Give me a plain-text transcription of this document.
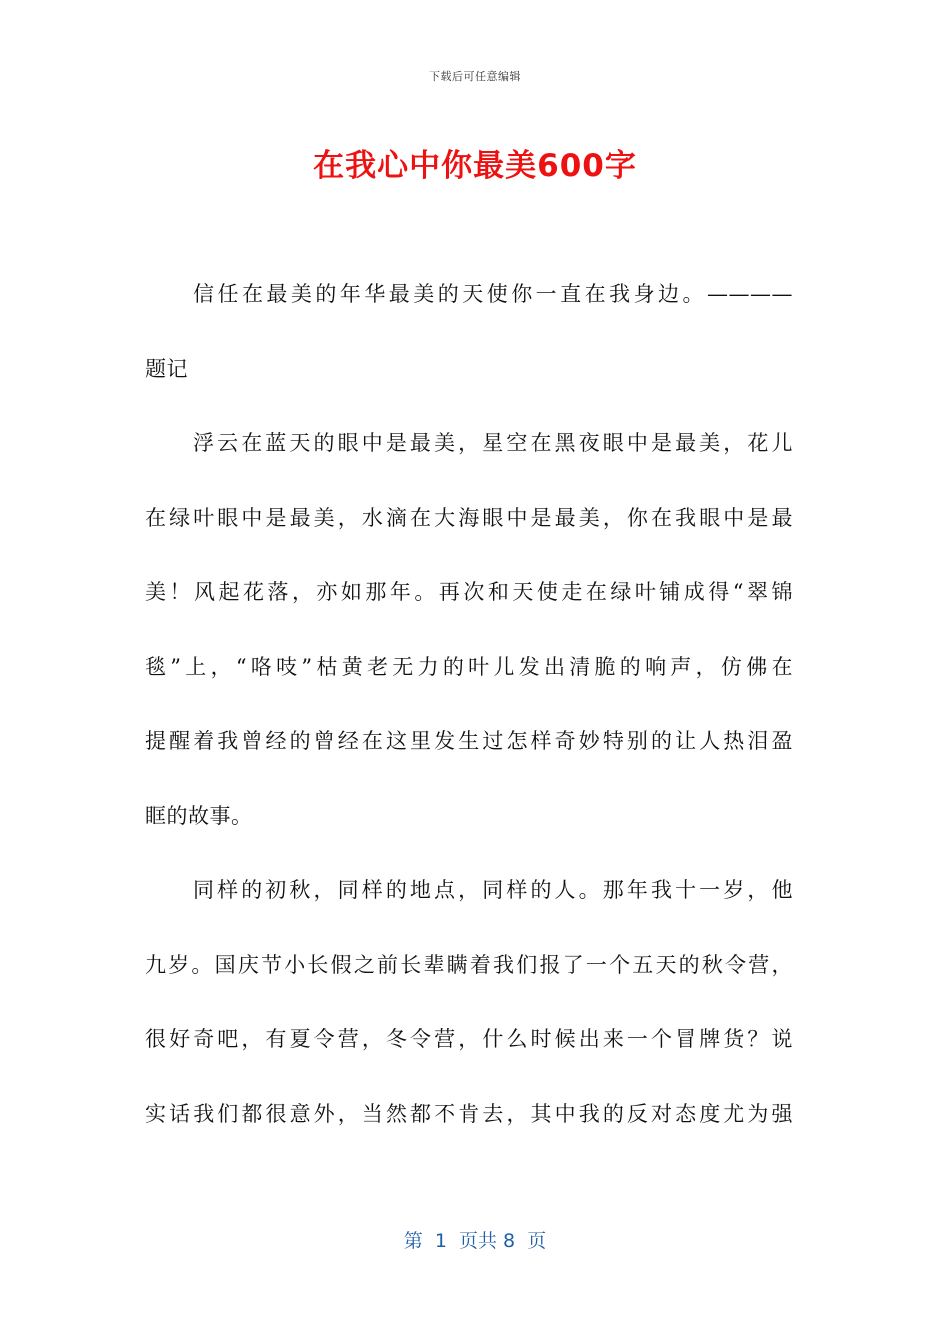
下载后可任意编辑
在我心中你最美600字
信任在最美的年华最美的天使你一直在我身边。————
题记
浮云在蓝天的眼中是最美，星空在黑夜眼中是最美，花儿
在绿叶眼中是最美，水滴在大海眼中是最美，你在我眼中是最
美！风起花落，亦如那年。再次和天使走在绿叶铺成得“翠锦
毯”上，“咯吱”枯黄老无力的叶儿发出清脆的响声，仿佛在
提醒着我曾经的曾经在这里发生过怎样奇妙特别的让人热泪盈
眶的故事。
同样的初秋，同样的地点，同样的人。那年我十一岁，他
九岁。国庆节小长假之前长辈瞒着我们报了一个五天的秋令营，
很好奇吧，有夏令营，冬令营，什么时候出来一个冒牌货？说
实话我们都很意外，当然都不肯去，其中我的反对态度尤为强
第  1  页共 8  页
